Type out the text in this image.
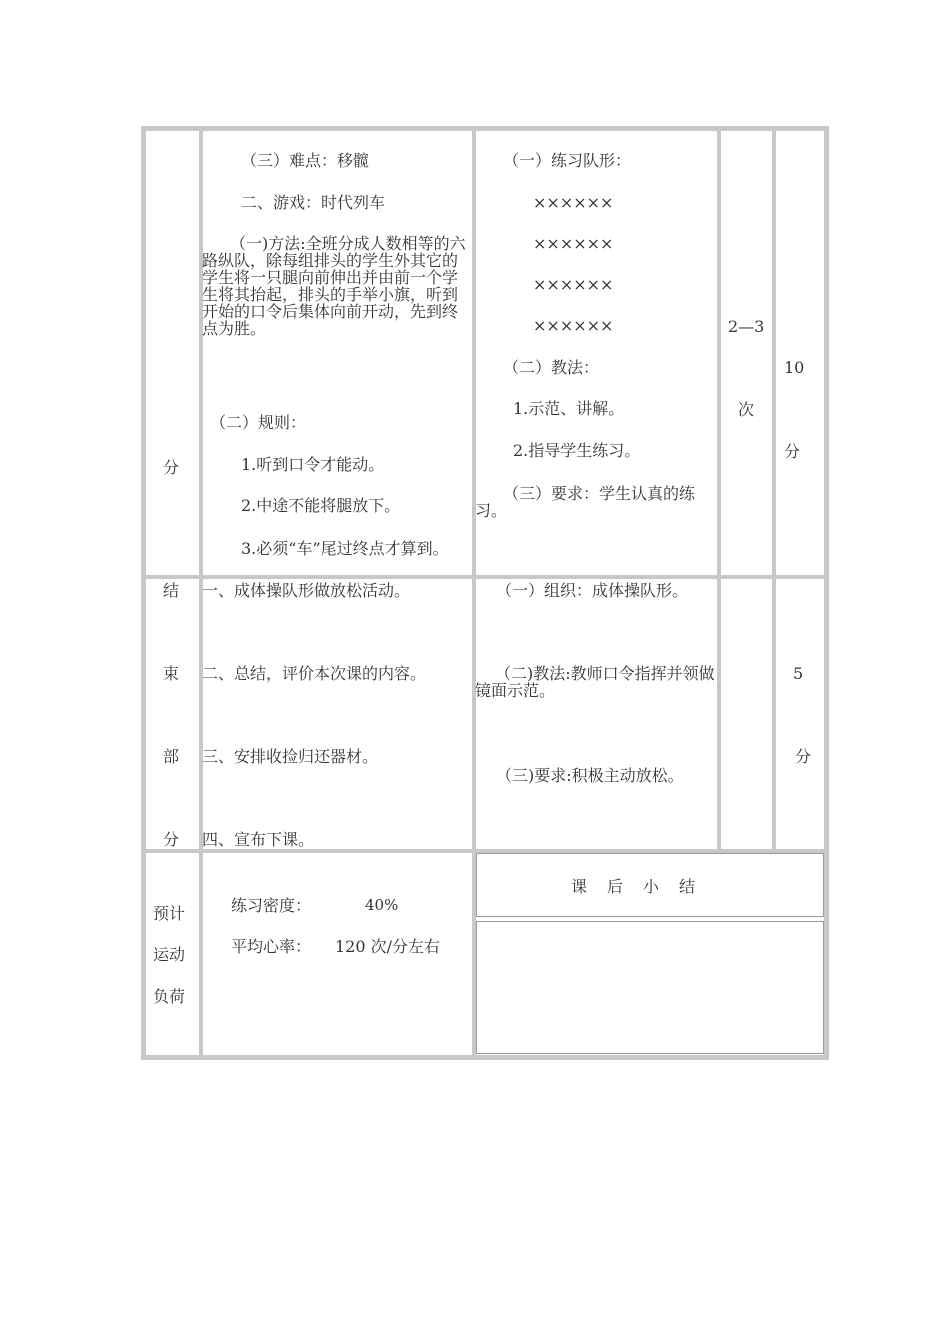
分
（三）难点：移髋
二、游戏：时代列车
（一)方法:全班分成人数相等的六路纵队，除每组排头的学生外其它的学生将一只腿向前伸出并由前一个学生将其抬起，排头的手举小旗，听到开始的口令后集体向前开动，先到终点为胜。
（二）规则：
1.听到口令才能动。
2.中途不能将腿放下。
3.必须“车”尾过终点才算到。
（一）练习队形：
××××××
××××××
××××××
××××××
（二）教法：
1.示范、讲解。
2.指导学生练习。
（三）要求：学生认真的练习。
2—3
次
10
分
结
束
部
分
一、成体操队形做放松活动。
二、总结，评价本次课的内容。
三、安排收捡归还器材。
四、宣布下课。
（一）组织：成体操队形。
（二)教法:教师口令指挥并领做镜面示范。
（三)要求:积极主动放松。
5
分
预计
运动
负荷
练习密度：	40%
平均心率：	120 次/分左右
课　后　小　结
